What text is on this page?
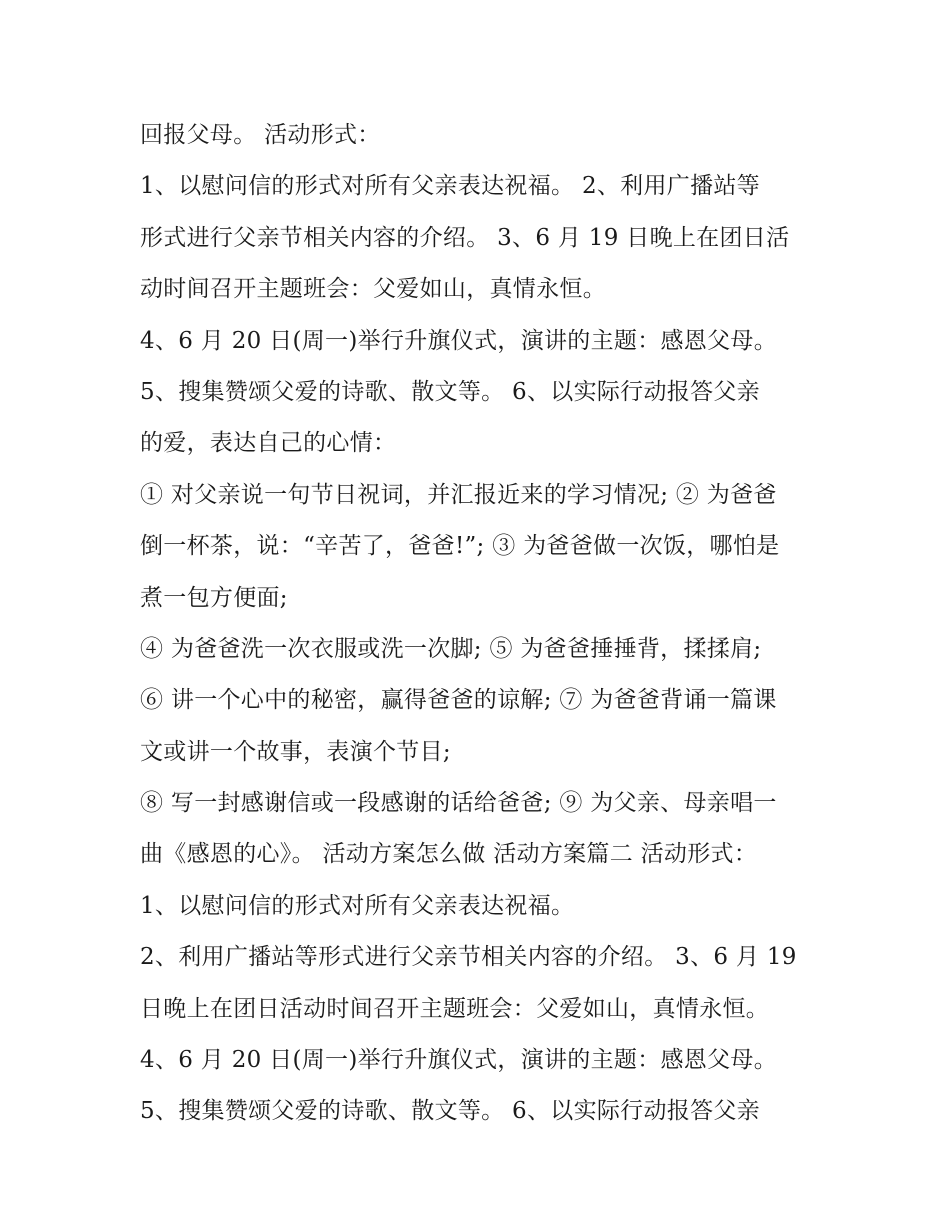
回报父母。 活动形式：
1、以慰问信的形式对所有父亲表达祝福。 2、利用广播站等
形式进行父亲节相关内容的介绍。 3、6 月 19 日晚上在团日活
动时间召开主题班会：父爱如山，真情永恒。
4、6 月 20 日(周一)举行升旗仪式，演讲的主题：感恩父母。
5、搜集赞颂父爱的诗歌、散文等。 6、以实际行动报答父亲
的爱，表达自己的心情：
① 对父亲说一句节日祝词，并汇报近来的学习情况; ② 为爸爸
倒一杯茶，说：“辛苦了，爸爸!”; ③ 为爸爸做一次饭，哪怕是
煮一包方便面;
④ 为爸爸洗一次衣服或洗一次脚; ⑤ 为爸爸捶捶背，揉揉肩;
⑥ 讲一个心中的秘密，赢得爸爸的谅解; ⑦ 为爸爸背诵一篇课
文或讲一个故事，表演个节目;
⑧ 写一封感谢信或一段感谢的话给爸爸; ⑨ 为父亲、母亲唱一
曲《感恩的心》。 活动方案怎么做 活动方案篇二 活动形式：
1、以慰问信的形式对所有父亲表达祝福。
2、利用广播站等形式进行父亲节相关内容的介绍。 3、6 月 19
日晚上在团日活动时间召开主题班会：父爱如山，真情永恒。
4、6 月 20 日(周一)举行升旗仪式，演讲的主题：感恩父母。
5、搜集赞颂父爱的诗歌、散文等。 6、以实际行动报答父亲
